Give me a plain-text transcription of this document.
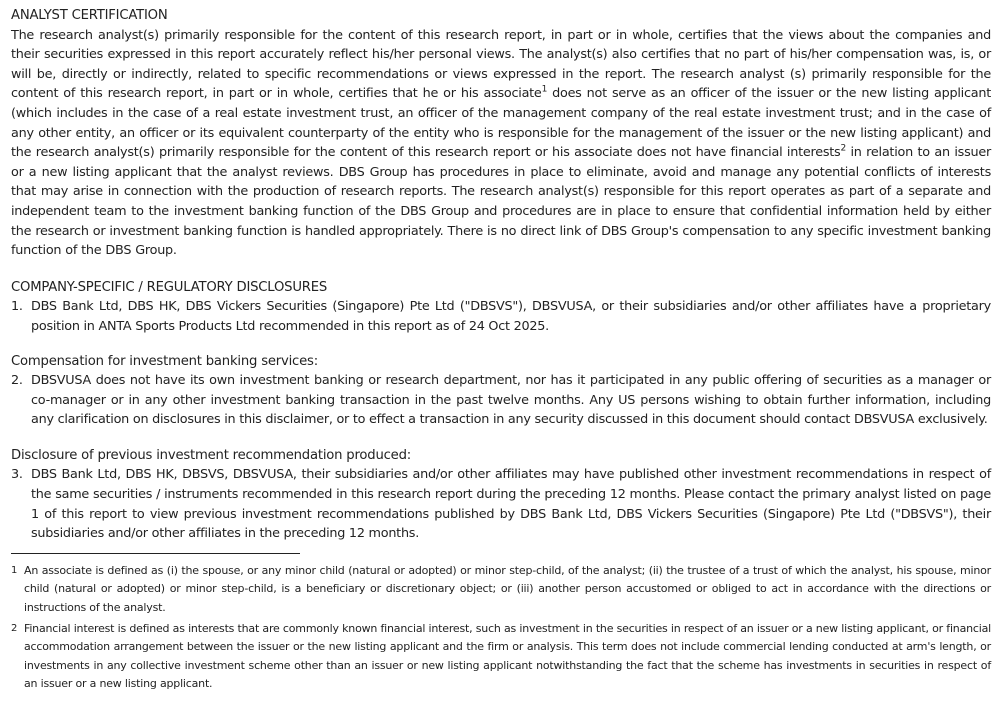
ANALYST CERTIFICATION

The research analyst(s) primarily responsible for the content of this research report, in part or in whole, certifies that the views about the companies and their securities expressed in this report accurately reflect his/her personal views. The analyst(s) also certifies that no part of his/her compensation was, is, or will be, directly or indirectly, related to specific recommendations or views expressed in the report. The research analyst (s) primarily responsible for the content of this research report, in part or in whole, certifies that he or his associate$^1$ does not serve as an officer of the issuer or the new listing applicant (which includes in the case of a real estate investment trust, an officer of the management company of the real estate investment trust; and in the case of any other entity, an officer or its equivalent counterparty of the entity who is responsible for the management of the issuer or the new listing applicant) and the research analyst(s) primarily responsible for the content of this research report or his associate does not have financial interests$^2$ in relation to an issuer or a new listing applicant that the analyst reviews. DBS Group has procedures in place to eliminate, avoid and manage any potential conflicts of interests that may arise in connection with the production of research reports. The research analyst(s) responsible for this report operates as part of a separate and independent team to the investment banking function of the DBS Group and procedures are in place to ensure that confidential information held by either the research or investment banking function is handled appropriately. There is no direct link of DBS Group's compensation to any specific investment banking function of the DBS Group.

COMPANY-SPECIFIC / REGULATORY DISCLOSURES
1. DBS Bank Ltd, DBS HK, DBS Vickers Securities (Singapore) Pte Ltd ("DBSVS"), DBSVUSA, or their subsidiaries and/or other affiliates have a proprietary position in ANTA Sports Products Ltd recommended in this report as of 24 Oct 2025.
Compensation for investment banking services:
2. DBSVUSA does not have its own investment banking or research department, nor has it participated in any public offering of securities as a manager or co-manager or in any other investment banking transaction in the past twelve months. Any US persons wishing to obtain further information, including any clarification on disclosures in this disclaimer, or to effect a transaction in any security discussed in this document should contact DBSVUSA exclusively.
Disclosure of previous investment recommendation produced:
3. DBS Bank Ltd, DBS HK, DBSVS, DBSVUSA, their subsidiaries and/or other affiliates may have published other investment recommendations in respect of the same securities / instruments recommended in this research report during the preceding 12 months. Please contact the primary analyst listed on page 1 of this report to view previous investment recommendations published by DBS Bank Ltd, DBS Vickers Securities (Singapore) Pte Ltd ("DBSVS"), their subsidiaries and/or other affiliates in the preceding 12 months.
1 An associate is defined as (i) the spouse, or any minor child (natural or adopted) or minor step-child, of the analyst; (ii) the trustee of a trust of which the analyst, his spouse, minor child (natural or adopted) or minor step-child, is a beneficiary or discretionary object; or (iii) another person accustomed or obliged to act in accordance with the directions or instructions of the analyst.
2 Financial interest is defined as interests that are commonly known financial interest, such as investment in the securities in respect of an issuer or a new listing applicant, or financial accommodation arrangement between the issuer or the new listing applicant and the firm or analysis. This term does not include commercial lending conducted at arm's length, or investments in any collective investment scheme other than an issuer or new listing applicant notwithstanding the fact that the scheme has investments in securities in respect of an issuer or a new listing applicant.
